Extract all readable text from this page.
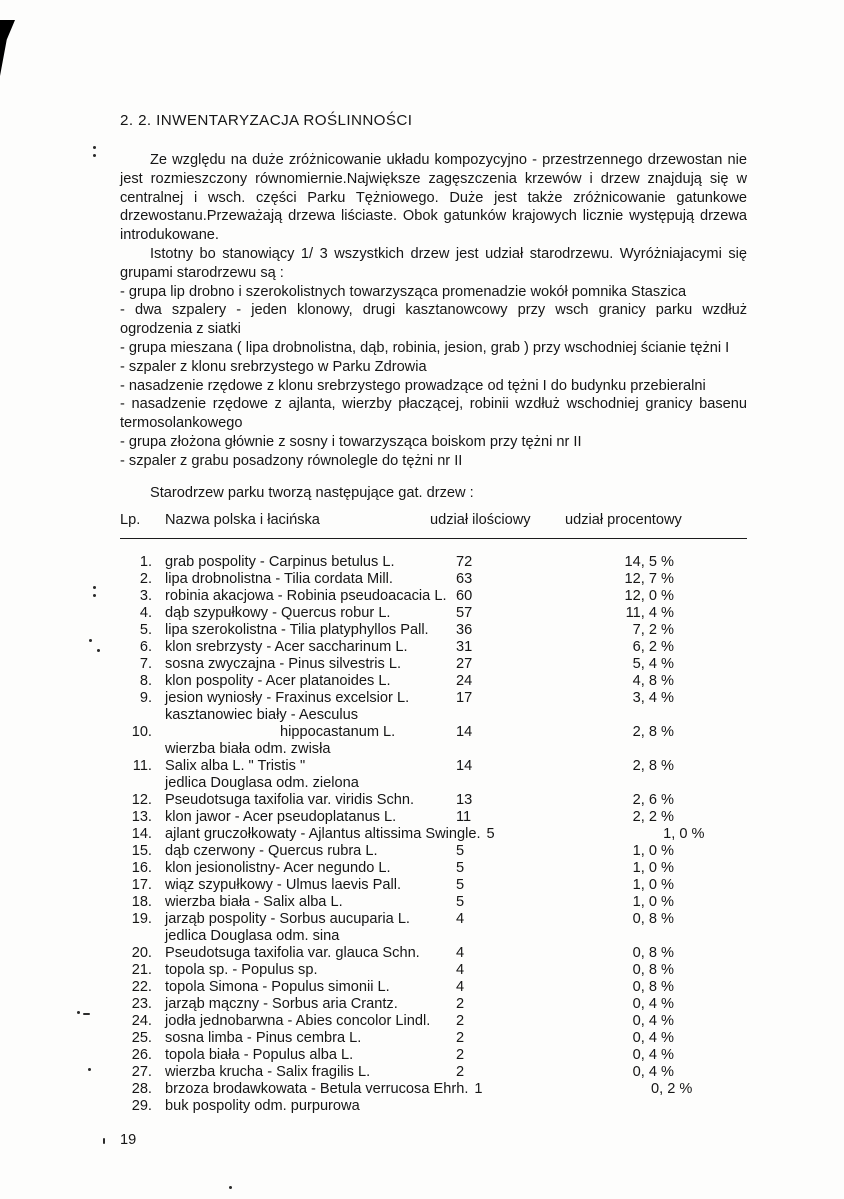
2. 2. INWENTARYZACJA ROŚLINNOŚCI

Ze względu na duże zróżnicowanie układu kompozycyjno - przestrzennego drzewostan nie jest rozmieszczony równomiernie.Największe zagęszczenia krzewów i drzew znajdują się w centralnej i wsch. części Parku Tężniowego. Duże jest także zróżnicowanie gatunkowe drzewostanu.Przeważają drzewa liściaste. Obok gatunków krajowych licznie występują drzewa introdukowane.

Istotny bo stanowiący 1/ 3 wszystkich drzew jest udział starodrzewu. Wyróżniajacymi się grupami starodrzewu są :

- grupa lip drobno i szerokolistnych towarzysząca promenadzie wokół pomnika Staszica

- dwa szpalery - jeden klonowy, drugi kasztanowcowy przy wsch granicy parku wzdłuż ogrodzenia z siatki

- grupa mieszana ( lipa drobnolistna, dąb, robinia, jesion, grab ) przy wschodniej ścianie tężni I

- szpaler z klonu srebrzystego w Parku Zdrowia

- nasadzenie rzędowe z klonu srebrzystego prowadzące od tężni I do budynku przebieralni

- nasadzenie rzędowe z ajlanta, wierzby płaczącej, robinii wzdłuż wschodniej granicy basenu termosolankowego

- grupa złożona głównie z sosny i towarzysząca boiskom przy tężni nr II

- szpaler z grabu posadzony równolegle do tężni nr II

Starodrzew parku tworzą następujące gat. drzew :

Lp.	Nazwa polska i łacińska	udział ilościowy	udział procentowy
1. grab pospolity - Carpinus betulus L.	72	14, 5 %
2. lipa drobnolistna - Tilia cordata Mill.	63	12, 7 %
3. robinia akacjowa - Robinia pseudoacacia L. 60	12, 0 %
4. dąb szypułkowy - Quercus robur L.	57	11, 4 %
5. lipa szerokolistna - Tilia platyphyllos Pall.	36	7, 2 %
6. klon srebrzysty - Acer saccharinum L.	31	6, 2 %
7. sosna zwyczajna - Pinus silvestris L.	27	5, 4 %
8. klon pospolity - Acer platanoides L.	24	4, 8 %
9. jesion wyniosły - Fraxinus excelsior L.	17	3, 4 %
10.
kasztanowiec biały - Aesculus
hippocastanum L.	14	2, 8 %
11.
wierzba biała odm. zwisła
Salix alba L. " Tristis "	14	2, 8 %
12.
jedlica Douglasa odm. zielona
Pseudotsuga taxifolia var. viridis Schn.	13	2, 6 %
13. klon jawor - Acer pseudoplatanus L.	11	2, 2 %
14. ajlant gruczołkowaty - Ajlantus altissima Swingle. 5	1, 0 %
15. dąb czerwony - Quercus rubra L.	5	1, 0 %
16. klon jesionolistny- Acer negundo L.	5	1, 0 %
17. wiąz szypułkowy - Ulmus laevis Pall.	5	1, 0 %
18. wierzba biała - Salix alba L.	5	1, 0 %
19. jarząb pospolity - Sorbus aucuparia L.	4	0, 8 %
20.
jedlica Douglasa odm. sina
Pseudotsuga taxifolia var. glauca Schn.	4	0, 8 %
21. topola sp. - Populus sp.	4	0, 8 %
22. topola Simona - Populus simonii L.	4	0, 8 %
23. jarząb mączny - Sorbus aria Crantz.	2	0, 4 %
24. jodła jednobarwna - Abies concolor Lindl.	2	0, 4 %
25. sosna limba - Pinus cembra L.	2	0, 4 %
26. topola biała - Populus alba L.	2	0, 4 %
27. wierzba krucha - Salix fragilis L.	2	0, 4 %
28. brzoza brodawkowata - Betula verrucosa Ehrh. 1	0, 2 %
29. buk pospolity odm. purpurowa

19
